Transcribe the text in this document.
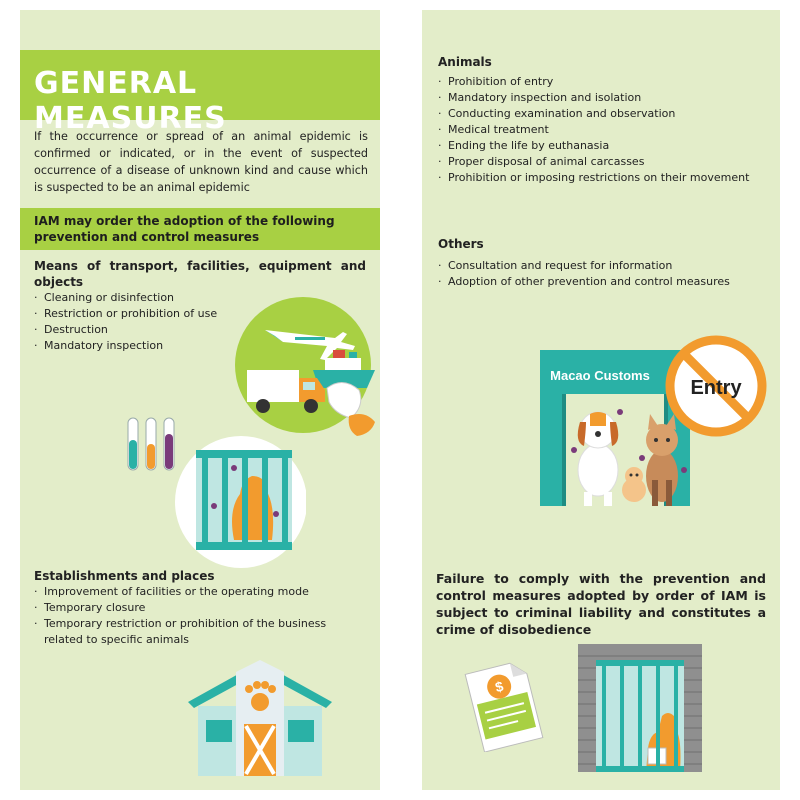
GENERAL MEASURES

If the occurrence or spread of an animal epidemic is confirmed or indicated, or in the event of suspected occurrence of a disease of unknown kind and cause which is suspected to be an animal epidemic

IAM may order the adoption of the following prevention and control measures

Means of transport, facilities, equipment and objects
· Cleaning or disinfection
· Restriction or prohibition of use
· Destruction
· Mandatory inspection
Establishments and places
· Improvement of facilities or the operating mode
· Temporary closure
· Temporary restriction or prohibition of the business related to specific animals
Animals
· Prohibition of entry
· Mandatory inspection and isolation
· Conducting examination and observation
· Medical treatment
· Ending the life by euthanasia
· Proper disposal of animal carcasses
· Prohibition or imposing restrictions on their movement
Others
· Consultation and request for information
· Adoption of other prevention and control measures
Macao Customs
Entry

Failure to comply with the prevention and control measures adopted by order of IAM is subject to criminal liability and constitutes a crime of disobedience

$
